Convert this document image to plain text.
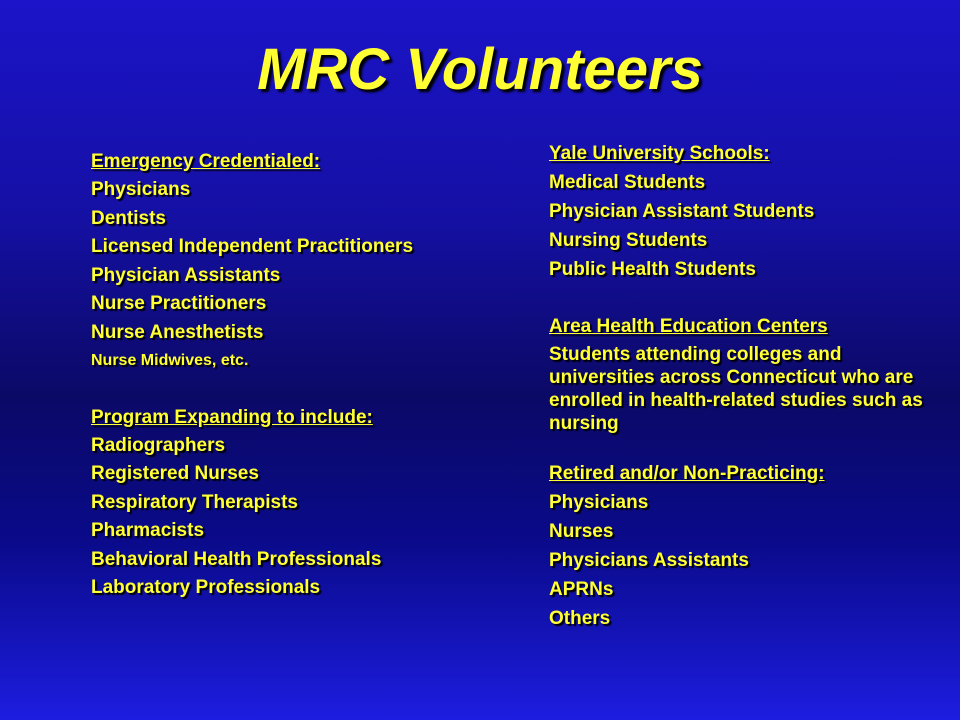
MRC Volunteers

Emergency Credentialed:

Physicians

Dentists

Licensed Independent Practitioners

Physician Assistants

Nurse Practitioners

Nurse Anesthetists

Nurse Midwives, etc.

Program Expanding to include:

Radiographers

Registered Nurses

Respiratory Therapists

Pharmacists

Behavioral Health Professionals

Laboratory Professionals

Yale University Schools:

Medical Students

Physician Assistant Students

Nursing Students

Public Health Students

Area Health Education Centers

Students attending colleges and universities across Connecticut who are enrolled in health-related studies such as nursing

Retired and/or Non-Practicing:

Physicians

Nurses

Physicians Assistants

APRNs

Others
